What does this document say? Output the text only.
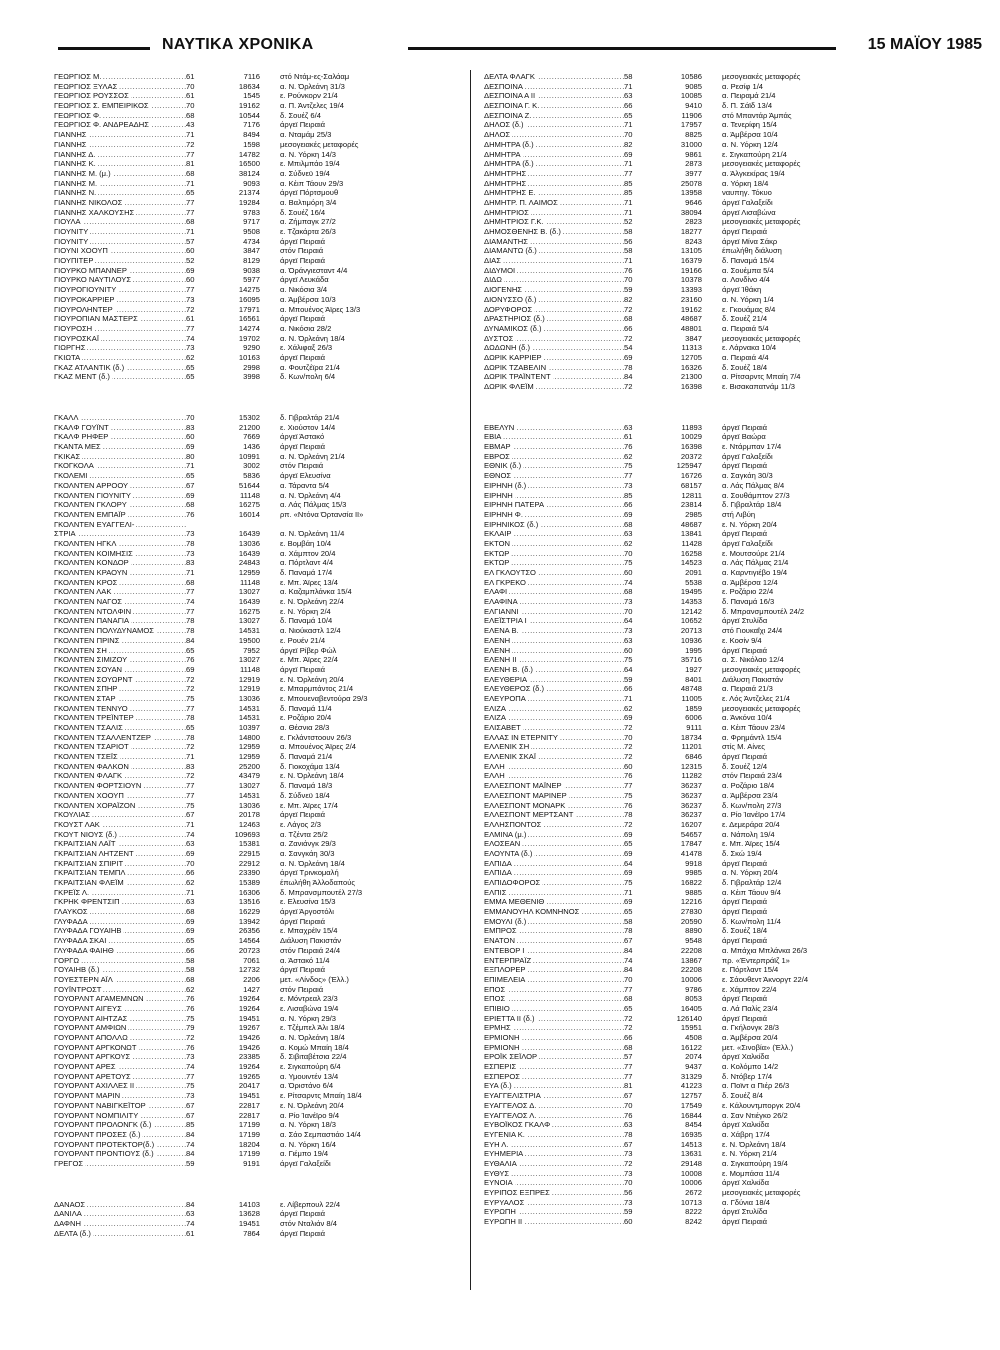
ΝΑΥΤΙΚΑ ΧΡΟΝΙΚΑ	15 ΜΑΪΟΥ 1985
ΓΕΩΡΓΙΟΣ Μ. .....	61	7116	στό Ντάμ-ες-Σαλάαμ
ΓΕΩΡΓΙΟΣ ΞΥΛΑΣ .....	70	18634	α. Ν. Όρλεάνη 31/3
ΓΕΩΡΓΙΟΣ ΡΟΥΣΣΟΣ .....	61	1545	ε. Ρούνκορν 21/4
ΓΕΩΡΓΙΟΣ Σ. ΕΜΠΕΙΡΙΚΟΣ .....	70	19162	α. Π. Άντζελες 19/4
ΓΕΩΡΓΙΟΣ Φ. .....	68	10544	δ. Σουέζ 6/4
ΓΕΩΡΓΙΟΣ Φ. ΑΝΔΡΕΑΔΗΣ .....	43	7176	άργεϊ Πειραιά
ΓΙΑΝΝΗΣ .....	71	8494	α. Νταμάμ 25/3
ΓΙΑΝΝΗΣ .....	72	1598	μεσογειακές μεταφορές
ΓΙΑΝΝΗΣ Δ. .....	77	14782	α. Ν. Υόρκη 14/3
ΓΙΑΝΝΗΣ Κ. .....	81	16500	ε. Μπιλμπάο 19/4
ΓΙΑΝΝΗΣ Μ. (μ.) .....	68	38124	α. Σύδνεϋ 19/4
ΓΙΑΝΝΗΣ Μ. .....	71	9093	α. Κέιπ Τάουν 29/3
ΓΙΑΝΝΗΣ Ν. .....	65	21374	άργεϊ Πόρτσμουθ
ΓΙΑΝΝΗΣ ΝΙΚΟΛΟΣ .....	77	19284	α. Βαλτιμόρη 3/4
ΓΙΑΝΝΗΣ ΧΑΛΚΟΥΣΗΣ .....	77	9783	δ. Σουέζ 16/4
ΓΙΟΥΛΑ .....	68	9717	α. Ζήμπαγκ 27/2
ΓΙΟΥΝΙΤΥ .....	71	9508	ε. Τζακάρτα 26/3
ΓΙΟΥΝΙΤΥ .....	57	4734	άργεϊ Πειραιά
ΓΙΟΥΝΙ ΧΟΟΥΠ .....	60	3847	στόν Πειραιά
ΓΙΟΥΠΙΤΕΡ .....	52	8129	άργεϊ Πειραιά
ΓΙΟΥΡΚΟ ΜΠΑΝΝΕΡ .....	69	9038	α. Όράνγιεσταντ 4/4
ΓΙΟΥΡΚΟ ΝΑΥΤΙΛΟΥΣ .....	60	5977	άργεϊ Λευκάδα
ΓΙΟΥΡΟΓΙΟΥΝΙΤΥ .....	77	14275	α. Νικόσια 3/4
ΓΙΟΥΡΟΚΑΡΡΙΕΡ .....	73	16095	α. Άμβέρσα 10/3
ΓΙΟΥΡΟΛΗΝΤΕΡ .....	72	17971	α. Μπουένος Άϊρες 13/3
ΓΙΟΥΡΟΠΙΑΝ ΜΑΣΤΕΡΣ .....	61	16561	άργεϊ Πειραιά
ΓΙΟΥΡΟΣΗ .....	77	14274	α. Νικόσια 28/2
ΓΙΟΥΡΟΣΚΑΪ .....	74	19702	α. Ν. Όρλεάνη 18/4
ΓΙΩΡΓΗΣ .....	73	9290	ε. Χάλιφαξ 26/3
ΓΚΙΩΤΑ .....	62	10163	άργεϊ Πειραιά
ΓΚΑΖ ΑΤΛΑΝΤΙΚ (δ.) .....	65	2998	α. Φουτζέϊρα 21/4
ΓΚΑΖ ΜΕΝΤ (δ.) .....	65	3998	δ. Κων/πολη 6/4
ΓΚΑΛΛ .....	70	15302	δ. Γιβραλτάρ 21/4
ΓΚΑΛΦ ΓΟΥΪΝΤ .....	83	21200	ε. Χιούστον 14/4
ΓΚΑΛΦ ΡΗΦΕΡ .....	60	7669	άργεϊ Άστακό
ΓΚΑΝΤΑ ΜΕΣ .....	69	1436	άργεϊ Πειραιά
ΓΚΙΚΑΣ .....	80	10991	α. Ν. Όρλεάνη 21/4
ΓΚΟΓΚΟΛΑ .....	71	3002	στόν Πειραιά
ΓΚΟΛΕΜΙ .....	65	5836	άργεϊ Ελευσίνα
ΓΚΟΛΝΤΕΝ ΑΡΡΟΟΥ .....	67	51644	α. Τάραντα 5/4
ΓΚΟΛΝΤΕΝ ΓΙΟΥΝΙΤΥ .....	69	11148	α. Ν. Όρλεάνη 4/4
ΓΚΟΛΝΤΕΝ ΓΚΛΟΡΥ .....	68	16275	α. Λάς Πάλμας 15/3
ΓΚΟΛΝΤΕΝ ΕΜΠΑΪΡ .....	76	16014	ρπ. «Ντόνα Όρτανσία ΙΙ»
ΓΚΟΛΝΤΕΝ ΕΥΑΓΓΕΛΙ- .....
ΣΤΡΙΑ .....	73	16439	α. Ν. Όρλεάνη 11/4
ΓΚΟΛΝΤΕΝ ΗΓΚΛ .....	78	13036	ε. Βομβάη 10/4
ΓΚΟΛΝΤΕΝ ΚΟΙΜΗΣΙΣ .....	73	16439	α. Χάμπτον 20/4
ΓΚΟΛΝΤΕΝ ΚΟΝΔΟΡ .....	83	24843	α. Πόρτλαντ 4/4
ΓΚΟΛΝΤΕΝ ΚΡΑΟΥΝ .....	71	12959	δ. Παναμά 17/4
ΓΚΟΛΝΤΕΝ ΚΡΟΣ .....	68	11148	ε. Μπ. Άϊρες 13/4
ΓΚΟΛΝΤΕΝ ΛΑΚ .....	77	13027	α. Καζαμπλάνκα 15/4
ΓΚΟΛΝΤΕΝ ΝΑΓΟΣ .....	74	16439	ε. Ν. Όρλεάνη 22/4
ΓΚΟΛΝΤΕΝ ΝΤΟΛΦΙΝ .....	77	16275	ε. Ν. Υόρκη 2/4
ΓΚΟΛΝΤΕΝ ΠΑΝΑΓΙΑ .....	78	13027	δ. Παναμά 10/4
ΓΚΟΛΝΤΕΝ ΠΟΛΥΔΥΝΑΜΟΣ .....	78	14531	α. Νιούκαστλ 12/4
ΓΚΟΛΝΤΕΝ ΠΡΙΝΣ .....	84	19500	ε. Ρουέν 21/4
ΓΚΟΛΝΤΕΝ ΣΗ .....	65	7952	άργεϊ Ρίβερ Φώλ
ΓΚΟΛΝΤΕΝ ΣΙΜΙΖΟΥ .....	76	13027	ε. Μπ. Άϊρες 22/4
ΓΚΟΛΝΤΕΝ ΣΟΥΑΝ .....	69	11148	άργεϊ Πειραιά
ΓΚΟΛΝΤΕΝ ΣΟΥΩΡΝΤ .....	72	12919	ε. Ν. Όρλεάνη 20/4
ΓΚΟΛΝΤΕΝ ΣΠΗΡ .....	72	12919	ε. Μπαρμπάντος 21/4
ΓΚΟΛΝΤΕΝ ΣΤΑΡ .....	75	13036	ε. Μπουεναβεντούρα 29/3
ΓΚΟΛΝΤΕΝ ΤΕΝΝΥΟ .....	77	14531	δ. Παναμά 11/4
ΓΚΟΛΝΤΕΝ ΤΡΕΪΝΤΕΡ .....	78	14531	ε. Ροζάριο 20/4
ΓΚΟΛΝΤΕΝ ΤΣΑΛΙΣ .....	65	10397	α. Θέσνια 28/3
ΓΚΟΛΝΤΕΝ ΤΣΑΛΛΕΝΤΖΕΡ .....	78	14800	ε. Γκλάντστοουν 26/3
ΓΚΟΛΝΤΕΝ ΤΣΑΡΙΟΤ .....	72	12959	α. Μπουένος Άϊρες 2/4
ΓΚΟΛΝΤΕΝ ΤΣΕΪΣ .....	71	12959	δ. Παναμά 21/4
ΓΚΟΛΝΤΕΝ ΦΑΛΚΟΝ .....	83	25200	δ. Γιοκοχάμα 13/4
ΓΚΟΛΝΤΕΝ ΦΛΑΓΚ .....	72	43479	ε. Ν. Όρλεάνη 18/4
ΓΚΟΛΝΤΕΝ ΦΟΡΤΣΙΟΥΝ .....	77	13027	δ. Παναμά 18/3
ΓΚΟΛΝΤΕΝ ΧΟΟΥΠ .....	77	14531	δ. Σύδνεϋ 18/4
ΓΚΟΛΝΤΕΝ ΧΟΡΑΪΖΟΝ .....	75	13036	ε. Μπ. Άϊρες 17/4
ΓΚΟΥΛΙΑΣ .....	67	20178	άργεϊ Πειραιά
ΓΚΟΥΣΤ ΛΑΚ .....	71	12463	ε. Λάγος 2/3
ΓΚΟΥΤ ΝΙΟΥΣ (δ.) .....	74	109693	α. Τζέντα 25/2
ΓΚΡΑΙΤΣΙΑΝ ΛΑΪΤ .....	63	15381	α. Ζανιάνγκ 29/3
ΓΚΡΑΙΤΣΙΑΝ ΛΗΤΖΕΝΤ .....	69	22915	α. Σανγκάη 30/3
ΓΚΡΑΙΤΣΙΑΝ ΣΠΙΡΙΤ .....	70	22912	α. Ν. Όρλεάνη 18/4
ΓΚΡΑΙΤΣΙΑΝ ΤΕΜΠΛ .....	66	23390	άργεϊ Τρινκομαλή
ΓΚΡΑΙΤΣΙΑΝ ΦΛΕΪΜ .....	62	15389	έπωλήθη Άλλοδαπούς
ΓΚΡΕΪΣ Λ. .....	71	16306	δ. Μπρανσμπουτέλ 27/3
ΓΚΡΗΚ ΦΡΕΝΤΣΙΠ .....	63	13516	ε. Ελευσίνα 15/3
ΓΛΑΥΚΟΣ .....	68	16229	άργεϊ Άργοστόλι
ΓΛΥΦΑΔΑ .....	69	13942	άργεϊ Πειραιά
ΓΛΥΦΑΔΑ ΓΟΥΑΙΗΒ .....	69	26356	ε. Μπαχρέϊν 15/4
ΓΛΥΦΑΔΑ ΣΚΑΙ .....	65	14564	Διάλυση Πακιστάν
ΓΛΥΦΑΔΑ ΦΑΙΗΘ .....	66	20723	στόν Πειραιά 24/4
ΓΟΡΓΩ .....	58	7061	α. Άστακό 11/4
ΓΟΥΑΙΗΒ (δ.) .....	58	12732	άργεϊ Πειραιά
ΓΟΥΕΣΤΕΡΝ ΑΪΛ .....	68	2206	μετ. «Λίνδος» (Έλλ.)
ΓΟΥΪΝΤΡΟΣΤ .....	62	1427	στόν Πειραιά
ΓΟΥΟΡΛΝΤ ΑΓΑΜΕΜΝΩΝ .....	76	19264	ε. Μόντρεαλ 23/3
ΓΟΥΟΡΛΝΤ ΑΙΓΕΥΣ .....	76	19264	ε. Λισαβώνα 19/4
ΓΟΥΟΡΛΝΤ ΑΙΗΤΖΑΣ .....	75	19451	α. Ν. Υόρκη 29/3
ΓΟΥΟΡΛΝΤ ΑΜΦΙΩΝ .....	79	19267	ε. Τζέμπελ Άλι 18/4
ΓΟΥΟΡΛΝΤ ΑΠΟΛΛΩ .....	72	19426	α. Ν. Όρλεάνη 18/4
ΓΟΥΟΡΛΝΤ ΑΡΓΚΟΝΩΤ .....	76	19426	α. Κομώ Μπαίη 18/4
ΓΟΥΟΡΛΝΤ ΑΡΓΚΟΥΣ .....	73	23385	δ. Σιβιταβέτσια 22/4
ΓΟΥΟΡΛΝΤ ΑΡΕΣ .....	74	19264	ε. Σιγκαπούρη 6/4
ΓΟΥΟΡΛΝΤ ΑΡΕΤΟΥΣ .....	77	19265	α. Υμουιντέν 13/4
ΓΟΥΟΡΛΝΤ ΑΧΙΛΛΕΣ ΙΙ .....	75	20417	α. Όριστάνο 6/4
ΓΟΥΟΡΛΝΤ ΜΑΡΙΝ .....	73	19451	ε. Ρίτσαρντς Μπαίη 18/4
ΓΟΥΟΡΛΝΤ ΝΑΒΙΓΚΕΪΤΟΡ .....	67	22817	ε. Ν. Όρλεάνη 20/4
ΓΟΥΟΡΛΝΤ ΝΟΜΠΙΛΙΤΥ .....	67	22817	α. Ρίο Ίανέϊρο 9/4
ΓΟΥΟΡΛΝΤ ΠΡΟΛΟΝΓΚ (δ.) .....	85	17199	α. Ν. Υόρκη 18/3
ΓΟΥΟΡΛΝΤ ΠΡΟΣΕΣ (δ.) .....	84	17199	α. Σάο Σεμπαστιάο 14/4
ΓΟΥΟΡΛΝΤ ΠΡΟΤΕΚΤΟΡ(δ.) .....	74	18204	α. Ν. Υόρκη 16/4
ΓΟΥΟΡΛΝΤ ΠΡΟΝΤΙΟΥΣ (δ.) .....	84	17199	α. Γιέμπο 19/4
ΓΡΕΓΟΣ .....	59	9191	άργεϊ Γαλαξείδι
ΔΑΝΑΟΣ .....	84	14103	ε. Λίβερπουλ 22/4
ΔΑΝΙΛΑ .....	63	13628	άργεϊ Πειραιά
ΔΑΦΝΗ .....	74	19451	στόν Νταλιάν 8/4
ΔΕΛΤΑ (δ.) .....	61	7864	άργεϊ Πειραιά
ΔΕΛΤΑ ΦΛΑΓΚ .....	58	10586	μεσογειακές μεταφορές
ΔΕΣΠΟΙΝΑ .....	71	9085	α. Ρεσίφ 1/4
ΔΕΣΠΟΙΝΑ Α ΙΙ .....	63	10085	α. Πειραμά 21/4
ΔΕΣΠΟΙΝΑ Γ. Κ. .....	66	9410	δ. Π. Σάϊδ 13/4
ΔΕΣΠΟΙΝΑ Ζ. .....	65	11906	στό Μπαντάρ Άμπάς
ΔΗΛΟΣ (δ.) .....	71	17957	α. Τενερίφη 15/4
ΔΗΛΟΣ .....	70	8825	α. Άμβέρσα 10/4
ΔΗΜΗΤΡΑ (δ.) .....	82	31000	α. Ν. Υόρκη 12/4
ΔΗΜΗΤΡΑ .....	69	9861	ε. Σιγκαπούρη 21/4
ΔΗΜΗΤΡΑ (δ.) .....	71	2873	μεσογειακές μεταφορές
ΔΗΜΗΤΡΗΣ .....	77	3977	α. Άλγκεκίρας 19/4
ΔΗΜΗΤΡΗΣ .....	85	25078	α. Υόρκη 18/4
ΔΗΜΗΤΡΗΣ Ε. .....	85	13958	ναυπηγ. Τόκυο
ΔΗΜΗΤΡ. Π. ΛΑΙΜΟΣ .....	71	9646	άργεϊ Γαλαξείδι
ΔΗΜΗΤΡΙΟΣ .....	71	38094	άργεϊ Λισαβώνα
ΔΗΜΗΤΡΙΟΣ Γ.Κ. .....	52	2823	μεσογειακές μεταφορές
ΔΗΜΟΣΘΕΝΗΣ Β. (δ.) .....	58	18277	άργεϊ Πειραιά
ΔΙΑΜΑΝΤΗΣ .....	56	8243	άργεϊ Μίνα Σάκρ
ΔΙΑΜΑΝΤΩ (δ.) .....	58	13105	έπωλήθη διάλυση
ΔΙΑΣ .....	71	16379	δ. Παναμά 15/4
ΔΙΔΥΜΟΙ .....	76	19166	α. Σουέμπα 5/4
ΔΙΔΩ .....	70	10378	α. Λονδίνο 4/4
ΔΙΟΓΕΝΗΣ .....	59	13393	άργεϊ Ίθάκη
ΔΙΟΝΥΣΣΟ (δ.) .....	82	23160	α. Ν. Υόρκη 1/4
ΔΟΡΥΦΟΡΟΣ .....	72	19162	ε. Γκουάμας 8/4
ΔΡΑΣΤΗΡΙΟΣ (δ.) .....	68	48687	δ. Σουέζ 21/4
ΔΥΝΑΜΙΚΟΣ (δ.) .....	66	48801	α. Πειραιά 5/4
ΔΥΣΤΟΣ .....	72	3847	μεσογειακές μεταφορές
ΔΩΔΩΝΗ (δ.) .....	54	11313	ε. Λάρνακα 10/4
ΔΩΡΙΚ ΚΑΡΡΙΕΡ .....	69	12705	α. Πειραιά 4/4
ΔΩΡΙΚ ΤΖΑΒΕΛΙΝ .....	78	16326	δ. Σουέζ 18/4
ΔΩΡΙΚ ΤΡΑΪΝΤΕΝΤ .....	84	21300	α. Ρίτσαρντς Μπαίη 7/4
ΔΩΡΙΚ ΦΛΕΪΜ .....	72	16398	ε. Βισακαπατνάμ 11/3
ΕΒΕΛΥΝ .....	63	11893	άργεϊ Πειραιά
ΕΒΙΑ .....	61	10029	άργεϊ Βαώρα
ΕΒΜΑΡ .....	76	16398	ε. Ντάρμπαν 17/4
ΕΒΡΟΣ .....	62	20372	άργεϊ Γαλαξείδι
ΕΘΝΙΚ (δ.) .....	75	125947	άργεϊ Πειραιά
ΕΘΝΟΣ .....	77	16726	α. Σαγκάη 30/3
ΕΙΡΗΝΗ (δ.) .....	73	68157	α. Λάς Πάλμας 8/4
ΕΙΡΗΝΗ .....	85	12811	α. Σουθάμπτον 27/3
ΕΙΡΗΝΗ ΠΑΤΕΡΑ .....	66	23814	δ. Γιβραλτάρ 18/4
ΕΙΡΗΝΗ Φ. .....	69	2985	στή Λιβύη
ΕΙΡΗΝΙΚΟΣ (δ.) .....	68	48687	ε. Ν. Υόρκη 20/4
ΕΚΛΑΙΡ .....	63	13841	άργεϊ Πειραιά
ΕΚΤΟΝ .....	62	11428	άργεϊ Γαλαξείδι
ΕΚΤΩΡ .....	70	16258	ε. Μουτσούρε 21/4
ΕΚΤΩΡ .....	75	14523	α. Λάς Πάλμας 21/4
ΕΛ ΓΚΛΟΥΤΣΟ .....	60	2091	α. Καρντιγιέβο 19/4
ΕΛ ΓΚΡΕΚΟ .....	74	5538	α. Άμβέρσα 12/4
ΕΛΑΦΙ .....	68	19495	ε. Ροζάριο 22/4
ΕΛΑΦΙΝΑ .....	73	14353	δ. Παναμά 16/3
ΕΛΓΙΑΝΝΙ .....	70	12142	δ. Μπρανσμπουτέλ 24/2
ΕΛΕΪΣΤΡΙΑ Ι .....	64	10652	άργεϊ Στυλίδα
ΕΛΕΝΑ Β. .....	73	20713	στό Γιουκαΐχι 24/4
ΕΛΕΝΗ .....	63	10936	ε. Κοσίν 9/4
ΕΛΕΝΗ .....	60	1995	άργεϊ Πειραιά
ΕΛΕΝΗ ΙΙ .....	75	35716	α. Σ. Νικόλαο 12/4
ΕΛΕΝΗ Β. (δ.) .....	64	1927	μεσογειακές μεταφορές
ΕΛΕΥΘΕΡΙΑ .....	59	8401	Διάλυση Πακιστάν
ΕΛΕΥΘΕΡΟΣ (δ.) .....	66	48748	α. Πειραιά 21/3
ΕΛΕΥΡΟΠΑ .....	71	11005	ε. Λός Άντζελες 21/4
ΕΛΙΖΑ .....	62	1859	μεσογειακές μεταφορές
ΕΛΙΖΑ .....	69	6006	α. Άνκόνα 10/4
ΕΛΙΣΑΒΕΤ .....	72	9111	α. Κέιπ Τάουν 23/4
ΕΛΛΑΣ ΙΝ ΕΤΕΡΝΙΤΥ .....	70	18734	α. Φρημάντλ 15/4
ΕΛΛΕΝΙΚ ΣΗ .....	72	11201	στίς Μ. Αίνες
ΕΛΛΕΝΙΚ ΣΚΑΪ .....	72	6846	άργεϊ Πειραιά
ΕΛΛΗ .....	60	12315	δ. Σουέζ 12/4
ΕΛΛΗ .....	76	11282	στόν Πειραιά 23/4
ΕΛΛΕΣΠΟΝΤ ΜΑΪΝΕΡ .....	77	36237	α. Ροζάριο 18/4
ΕΛΛΕΣΠΟΝΤ ΜΑΡΙΝΕΡ .....	75	36237	α. Άμβέρσα 23/4
ΕΛΛΕΣΠΟΝΤ ΜΟΝΑΡΚ .....	76	36237	δ. Κων/πολη 27/3
ΕΛΛΕΣΠΟΝΤ ΜΕΡΤΣΑΝΤ .....	78	36237	α. Ρίο Ίανέϊρο 17/4
ΕΛΛΗΣΠΟΝΤΟΣ .....	72	16207	ε. Δεμεράρα 20/4
ΕΛΜΙΝΑ (μ.) .....	69	54657	α. Νάπολη 19/4
ΕΛΟΣΕΑΝ .....	65	17847	ε. Μπ. Άϊρες 15/4
ΕΛΟΥΝΤΑ (δ.) .....	69	41478	δ. Σκώ 19/4
ΕΛΠΙΔΑ .....	64	9918	άργεϊ Πειραιά
ΕΛΠΙΔΑ .....	69	9985	α. Ν. Υόρκη 20/4
ΕΛΠΙΔΟΦΟΡΟΣ .....	75	16822	δ. Γιβραλτάρ 12/4
ΕΛΠΙΣ .....	71	9885	α. Κέιπ Τάουν 9/4
ΕΜΜΑ ΜΕΘΕΝΙΘ .....	69	12216	άργεϊ Πειραιά
ΕΜΜΑΝΟΥΗΛ ΚΟΜΝΗΝΟΣ .....	65	27830	άργεϊ Πειραιά
ΕΜΟΥΛΙ (δ.) .....	58	20590	δ. Κων/πολη 11/4
ΕΜΠΡΟΣ .....	78	8890	δ. Σουέζ 18/4
ΕΝΑΤΟΝ .....	67	9548	άργεϊ Πειραιά
ΕΝΤΕΒΟΡ Ι .....	84	22208	α. Μπάχια Μπλάνκα 26/3
ΕΝΤΕΡΠΡΑΪΖ .....	74	13867	πρ. «Έντερπράϊζ 1»
ΕΞΠΛΟΡΕΡ .....	84	22208	ε. Πόρτλαντ 15/4
ΕΠΙΜΕΛΕΙΑ .....	70	10006	ε. Σάουθεντ Άκνοργτ 22/4
ΕΠΟΣ .....	77	9786	ε. Χάμπτον 22/4
ΕΠΟΣ .....	68	8053	άργεϊ Πειραιά
ΕΠΙΒΙΟ .....	65	16405	α. Λά Παλίς 23/4
ΕΡΙΕΤΤΑ ΙΙ (δ.) .....	72	126140	άργεϊ Πειραιά
ΕΡΜΗΣ .....	72	15951	α. Γκήλονγκ 28/3
ΕΡΜΙΟΝΗ .....	66	4508	α. Άμβέρσα 20/4
ΕΡΜΙΟΝΗ .....	68	16122	μετ. «Σινοβία» (Έλλ.)
ΕΡΟΪΚ ΣΕΪΛΟΡ .....	57	2074	άργεϊ Χαλκίδα
ΕΣΠΕΡΙΣ .....	77	9437	α. Κολόμπο 14/2
ΕΣΠΕΡΟΣ .....	77	31329	δ. Ντόβερ 17/4
ΕΥΑ (δ.) .....	81	41223	α. Ποϊντ α Πιέρ 26/3
ΕΥΑΓΓΕΛΙΣΤΡΙΑ .....	67	12757	δ. Σουέζ 8/4
ΕΥΑΓΓΕΛΟΣ Δ. .....	70	17549	ε. Κάλουντμποργκ 20/4
ΕΥΑΓΓΕΛΟΣ Λ. .....	76	16844	α. Σαν Ντιέγκο 26/2
ΕΥΒΟΪΚΟΣ ΓΚΑΛΦ .....	63	8454	άργεϊ Χαλκίδα
ΕΥΓΕΝΙΑ Κ. .....	78	16935	α. Χάβρη 17/4
ΕΥΗ Λ. .....	67	14513	ε. Ν. Όρλεάνη 18/4
ΕΥΗΜΕΡΙΑ .....	73	13631	ε. Ν. Υόρκη 21/4
ΕΥΘΑΛΙΑ .....	72	29148	α. Σιγκαπούρη 19/4
ΕΥΘΥΣ .....	73	10008	ε. Μομπάσα 11/4
ΕΥΝΟΙΑ .....	70	10006	άργεϊ Χαλκίδα
ΕΥΡΙΠΟΣ ΕΞΠΡΕΣ .....	56	2672	μεσογειακές μεταφορές
ΕΥΡΥΑΛΟΣ .....	73	10713	α. Γδύνια 18/4
ΕΥΡΩΠΗ .....	59	8222	άργεϊ Στυλίδα
ΕΥΡΩΠΗ ΙΙ .....	60	8242	άργεϊ Πειραιά
